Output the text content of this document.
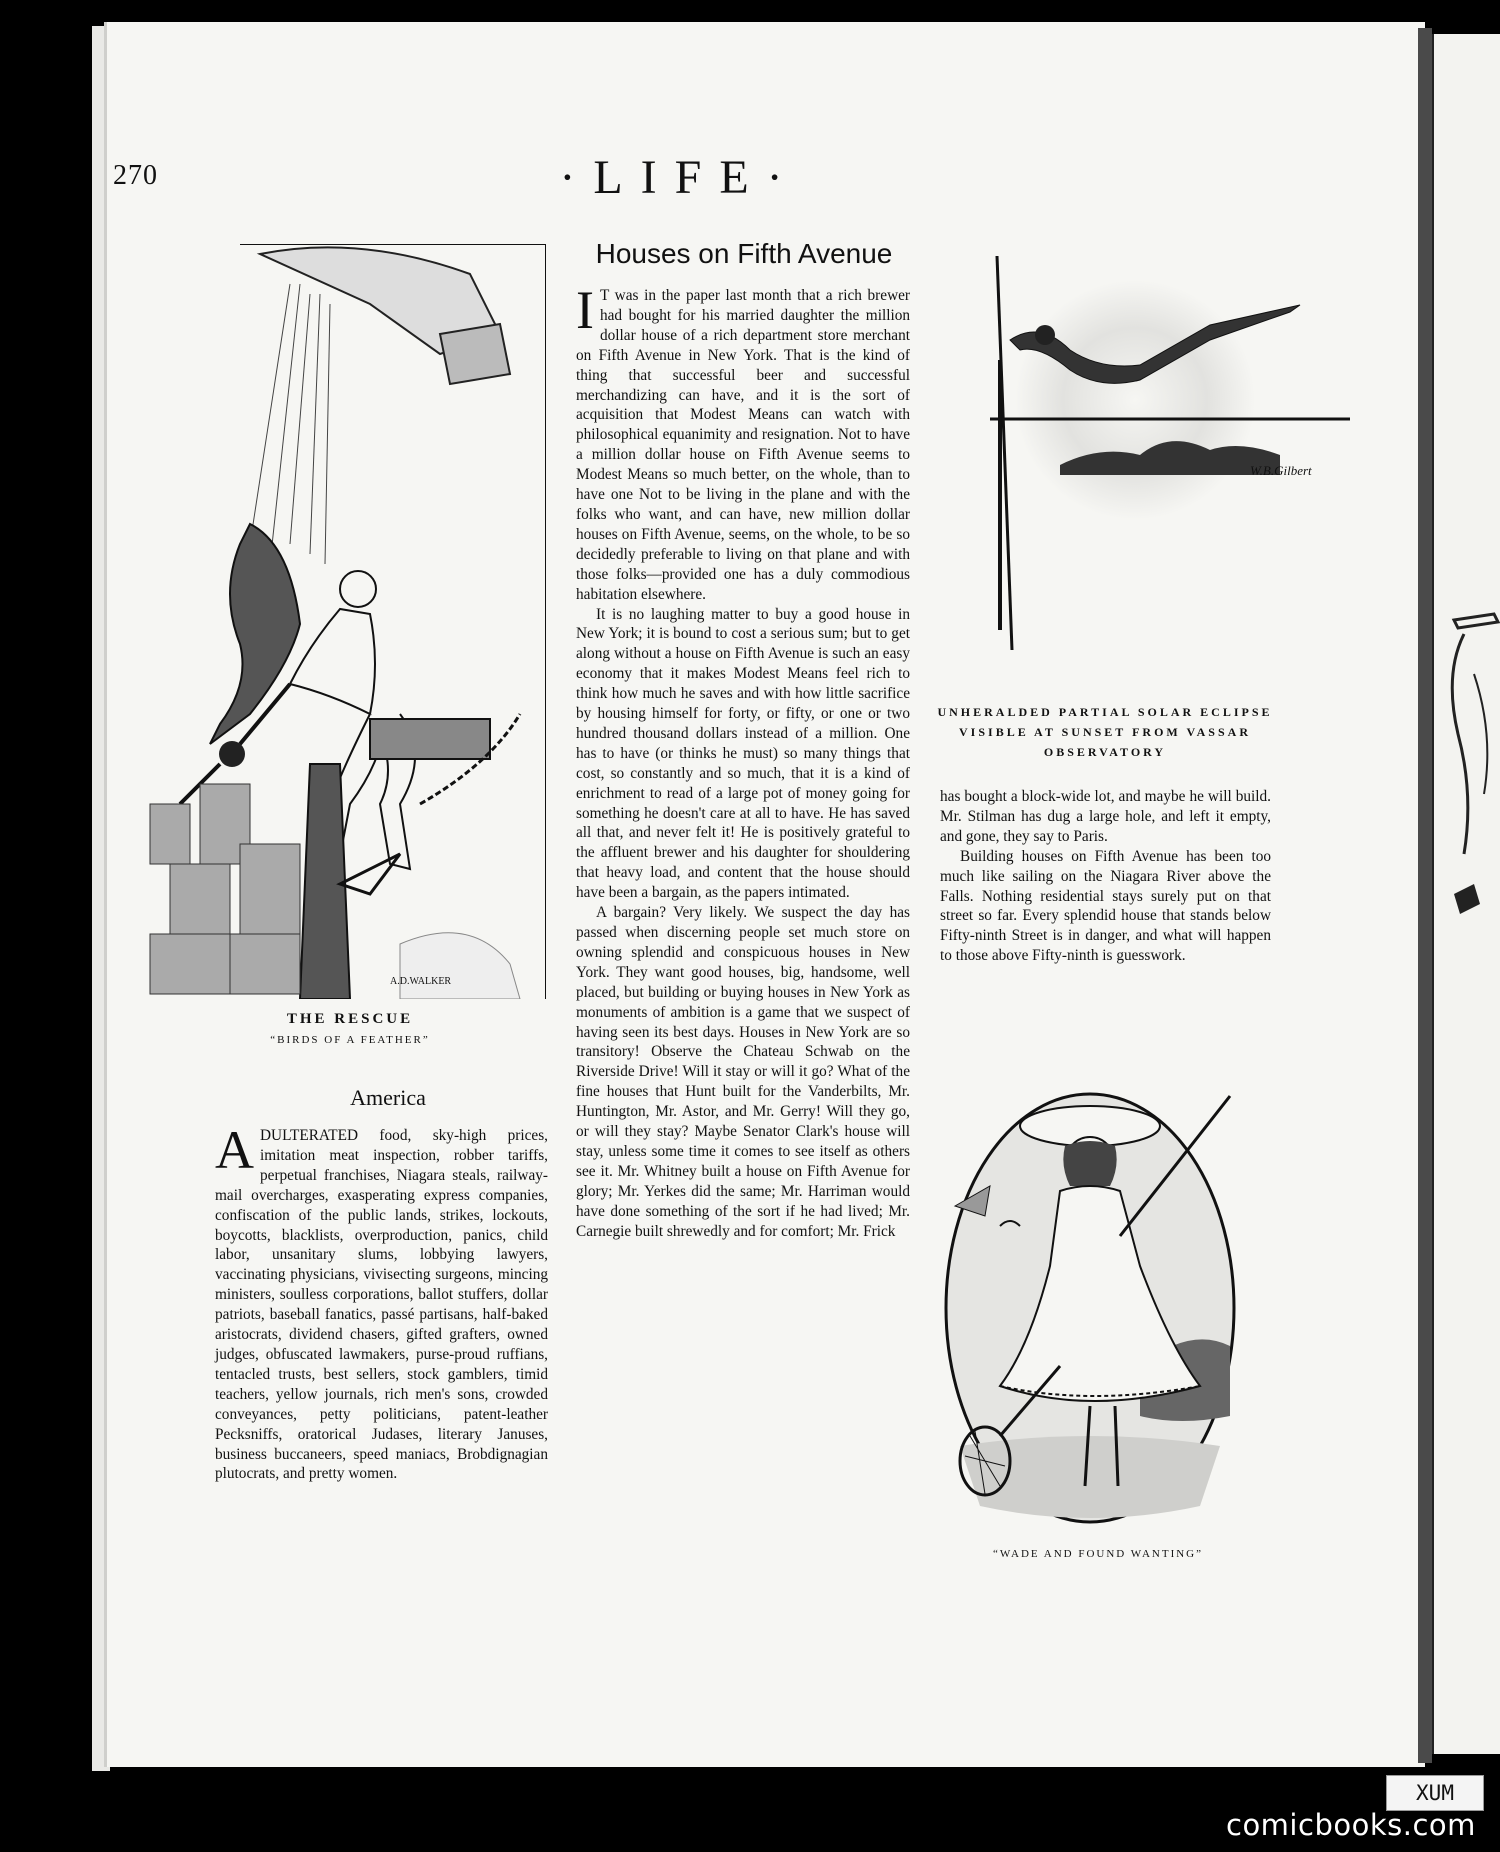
270	·LIFE·
A.D.WALKER
THE RESCUE
“BIRDS OF A FEATHER”
America

ADULTERATED food, sky-high prices, imitation meat inspection, robber tariffs, perpetual franchises, Niagara steals, railway-mail overcharges, exasperating express companies, confiscation of the public lands, strikes, lockouts, boycotts, blacklists, overproduction, panics, child labor, unsanitary slums, lobbying lawyers, vaccinating physicians, vivisecting surgeons, mincing ministers, soulless corporations, ballot stuffers, dollar patriots, baseball fanatics, passé partisans, half-baked aristocrats, dividend chasers, gifted grafters, owned judges, obfuscated lawmakers, purse-proud ruffians, tentacled trusts, best sellers, stock gamblers, timid teachers, yellow journals, rich men's sons, crowded conveyances, petty politicians, patent-leather Pecksniffs, oratorical Judases, literary Januses, business buccaneers, speed maniacs, Brobdignagian plutocrats, and pretty women.

Houses on Fifth Avenue

IT was in the paper last month that a rich brewer had bought for his married daughter the million dollar house of a rich department store merchant on Fifth Avenue in New York. That is the kind of thing that successful beer and successful merchandizing can have, and it is the sort of acquisition that Modest Means can watch with philosophical equanimity and resignation. Not to have a million dollar house on Fifth Avenue seems to Modest Means so much better, on the whole, than to have one Not to be living in the plane and with the folks who want, and can have, new million dollar houses on Fifth Avenue, seems, on the whole, to be so decidedly preferable to living on that plane and with those folks—provided one has a duly commodious habitation elsewhere.

It is no laughing matter to buy a good house in New York; it is bound to cost a serious sum; but to get along without a house on Fifth Avenue is such an easy economy that it makes Modest Means feel rich to think how much he saves and with how little sacrifice by housing himself for forty, or fifty, or one or two hundred thousand dollars instead of a million. One has to have (or thinks he must) so many things that cost, so constantly and so much, that it is a kind of enrichment to read of a large pot of money going for something he doesn't care at all to have. He has saved all that, and never felt it! He is positively grateful to the affluent brewer and his daughter for shouldering that heavy load, and content that the house should have been a bargain, as the papers intimated.

A bargain? Very likely. We suspect the day has passed when discerning people set much store on owning splendid and conspicuous houses in New York. They want good houses, big, handsome, well placed, but building or buying houses in New York as monuments of ambition is a game that we suspect of having seen its best days. Houses in New York are so transitory! Observe the Chateau Schwab on the Riverside Drive! Will it stay or will it go? What of the fine houses that Hunt built for the Vanderbilts, Mr. Huntington, Mr. Astor, and Mr. Gerry! Will they go, or will they stay? Maybe Senator Clark's house will stay, unless some time it comes to see itself as others see it. Mr. Whitney built a house on Fifth Avenue for glory; Mr. Yerkes did the same; Mr. Harriman would have done something of the sort if he had lived; Mr. Carnegie built shrewedly and for comfort; Mr. Frick

W.B.Gilbert
UNHERALDED PARTIAL SOLAR ECLIPSE VISIBLE AT SUNSET FROM VASSAR OBSERVATORY

has bought a block-wide lot, and maybe he will build. Mr. Stilman has dug a large hole, and left it empty, and gone, they say to Paris.

Building houses on Fifth Avenue has been too much like sailing on the Niagara River above the Falls. Nothing residential stays surely put on that street so far. Every splendid house that stands below Fifty-ninth Street is in danger, and what will happen to those above Fifty-ninth is guesswork.

“WADE AND FOUND WANTING”
XUM
comicbooks.com
